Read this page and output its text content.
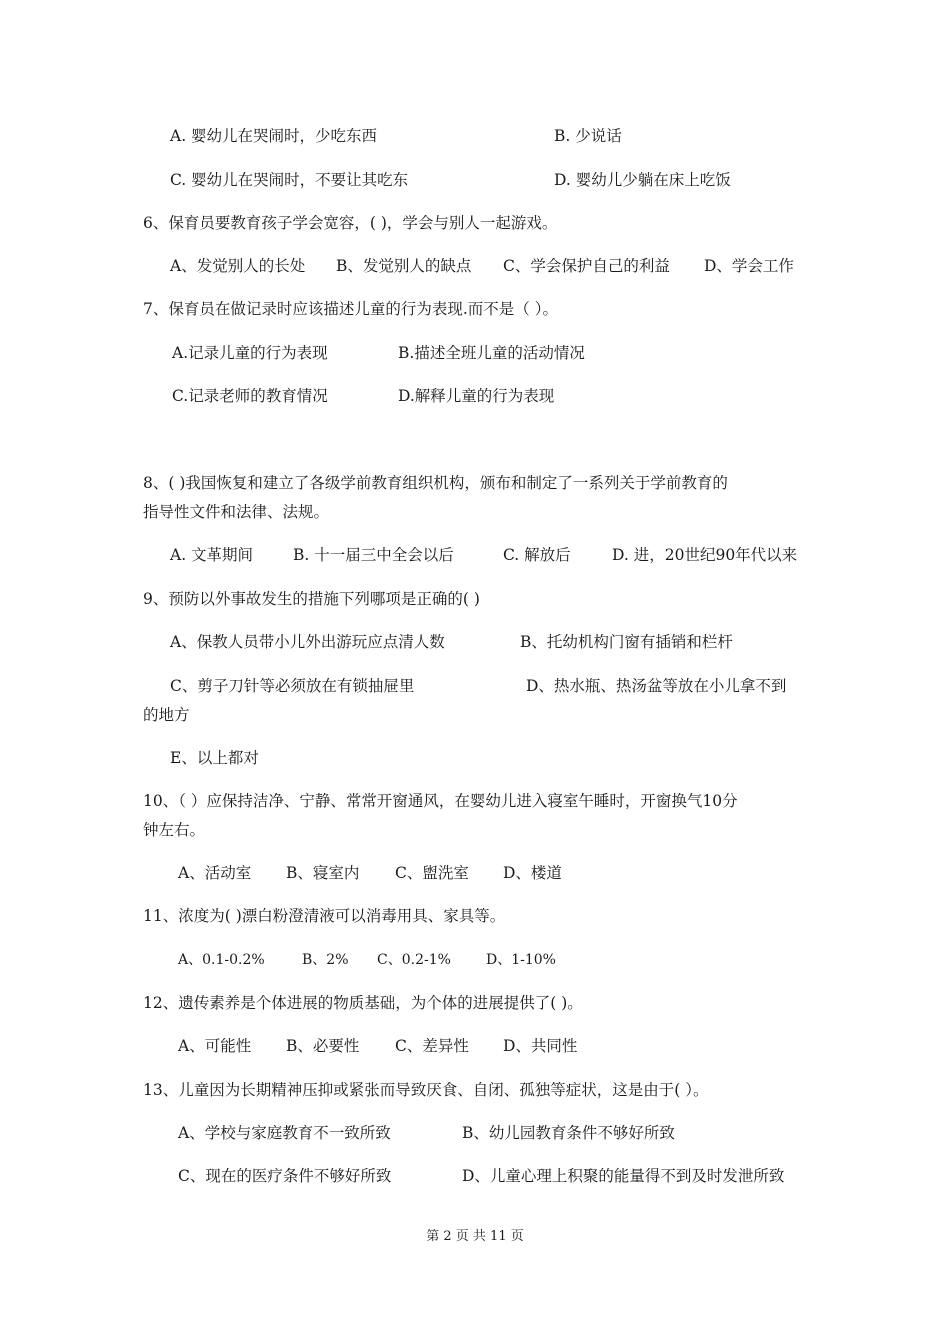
A. 婴幼儿在哭闹时，少吃东西	B. 少说话
C. 婴幼儿在哭闹时，不要让其吃东	D. 婴幼儿少躺在床上吃饭
6、保育员要教育孩子学会宽容，( )，学会与别人一起游戏。
A、发觉别人的长处 B、发觉别人的缺点 C、学会保护自己的利益 D、学会工作
7、保育员在做记录时应该描述儿童的行为表现.而不是（ ）。
A.记录儿童的行为表现	B.描述全班儿童的活动情况
C.记录老师的教育情况	D.解释儿童的行为表现
8、( )我国恢复和建立了各级学前教育组织机构，颁布和制定了一系列关于学前教育的
指导性文件和法律、法规。
A. 文革期间	B. 十一届三中全会以后	C. 解放后	D. 进，20世纪90年代以来
9、预防以外事故发生的措施下列哪项是正确的( )
A、保教人员带小儿外出游玩应点清人数	B、托幼机构门窗有插销和栏杆
C、剪子刀针等必须放在有锁抽屉里	D、热水瓶、热汤盆等放在小儿拿不到
的地方
E、以上都对
10、（ ）应保持洁净、宁静、常常开窗通风，在婴幼儿进入寝室午睡时，开窗换气10分
钟左右。
A、活动室 B、寝室内 C、盥洗室 D、楼道
11、浓度为( )漂白粉澄清液可以消毒用具、家具等。
A、0.1-0.2%	B、2% C、0.2-1%	D、1-10%
12、遗传素养是个体进展的物质基础，为个体的进展提供了( )。
A、可能性 B、必要性 C、差异性 D、共同性
13、儿童因为长期精神压抑或紧张而导致厌食、自闭、孤独等症状，这是由于( ）。
A、学校与家庭教育不一致所致	B、幼儿园教育条件不够好所致
C、现在的医疗条件不够好所致	D、儿童心理上积聚的能量得不到及时发泄所致
第 2 页 共 11 页
